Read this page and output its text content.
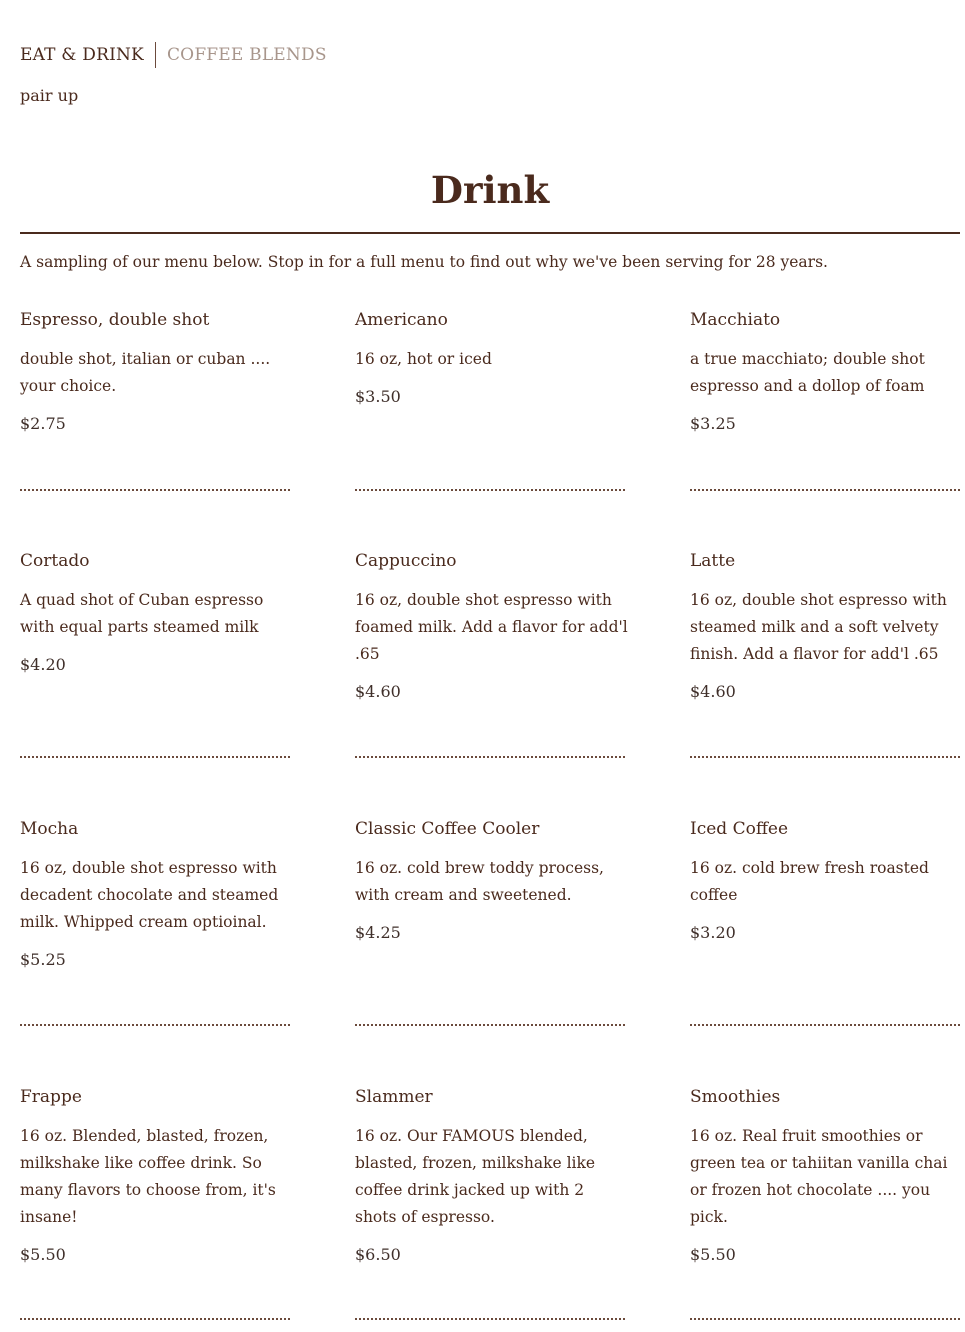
EAT & DRINK COFFEE BLENDS
pair up
Drink
A sampling of our menu below. Stop in for a full menu to find out why we've been serving for 28 years.

Espresso, double shot

double shot, italian or cuban .... your choice.

$2.75

Americano

16 oz, hot or iced

$3.50

Macchiato

a true macchiato; double shot espresso and a dollop of foam

$3.25

Cortado

A quad shot of Cuban espresso with equal parts steamed milk

$4.20

Cappuccino

16 oz, double shot espresso with foamed milk. Add a flavor for add'l .65

$4.60

Latte

16 oz, double shot espresso with steamed milk and a soft velvety finish. Add a flavor for add'l .65

$4.60

Mocha

16 oz, double shot espresso with decadent chocolate and steamed milk. Whipped cream optioinal.

$5.25

Classic Coffee Cooler

16 oz. cold brew toddy process, with cream and sweetened.

$4.25

Iced Coffee

16 oz. cold brew fresh roasted coffee

$3.20

Frappe

16 oz. Blended, blasted, frozen, milkshake like coffee drink. So many flavors to choose from, it's insane!

$5.50

Slammer

16 oz. Our FAMOUS blended, blasted, frozen, milkshake like coffee drink jacked up with 2 shots of espresso.

$6.50

Smoothies

16 oz. Real fruit smoothies or green tea or tahiitan vanilla chai or frozen hot chocolate .... you pick.

$5.50
